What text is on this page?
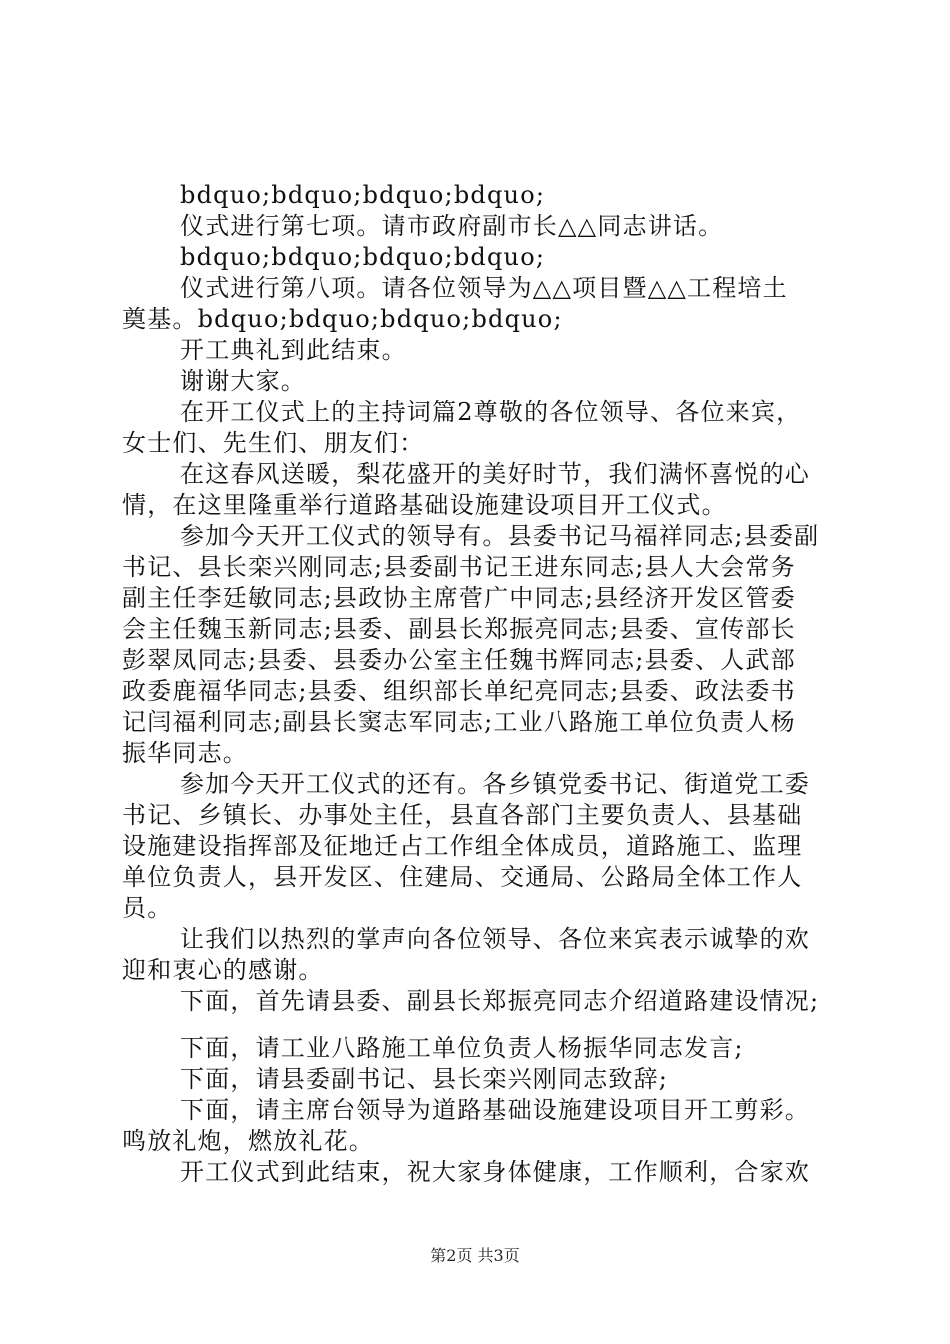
bdquo;bdquo;bdquo;bdquo;
仪式进行第七项。请市政府副市长△△同志讲话。
bdquo;bdquo;bdquo;bdquo;
仪式进行第八项。请各位领导为△△项目暨△△工程培土
奠基。bdquo;bdquo;bdquo;bdquo;
开工典礼到此结束。
谢谢大家。
在开工仪式上的主持词篇2尊敬的各位领导、各位来宾，
女士们、先生们、朋友们：
在这春风送暖，梨花盛开的美好时节，我们满怀喜悦的心
情，在这里隆重举行道路基础设施建设项目开工仪式。
参加今天开工仪式的领导有。县委书记马福祥同志;县委副
书记、县长栾兴刚同志;县委副书记王进东同志;县人大会常务
副主任李廷敏同志;县政协主席菅广中同志;县经济开发区管委
会主任魏玉新同志;县委、副县长郑振亮同志;县委、宣传部长
彭翠凤同志;县委、县委办公室主任魏书辉同志;县委、人武部
政委鹿福华同志;县委、组织部长单纪亮同志;县委、政法委书
记闫福利同志;副县长窦志军同志;工业八路施工单位负责人杨
振华同志。
参加今天开工仪式的还有。各乡镇党委书记、街道党工委
书记、乡镇长、办事处主任，县直各部门主要负责人、县基础
设施建设指挥部及征地迁占工作组全体成员，道路施工、监理
单位负责人，县开发区、住建局、交通局、公路局全体工作人
员。
让我们以热烈的掌声向各位领导、各位来宾表示诚挚的欢
迎和衷心的感谢。
下面，首先请县委、副县长郑振亮同志介绍道路建设情况;
下面，请工业八路施工单位负责人杨振华同志发言;
下面，请县委副书记、县长栾兴刚同志致辞;
下面，请主席台领导为道路基础设施建设项目开工剪彩。
鸣放礼炮，燃放礼花。
开工仪式到此结束，祝大家身体健康，工作顺利，合家欢
第2页 共3页
